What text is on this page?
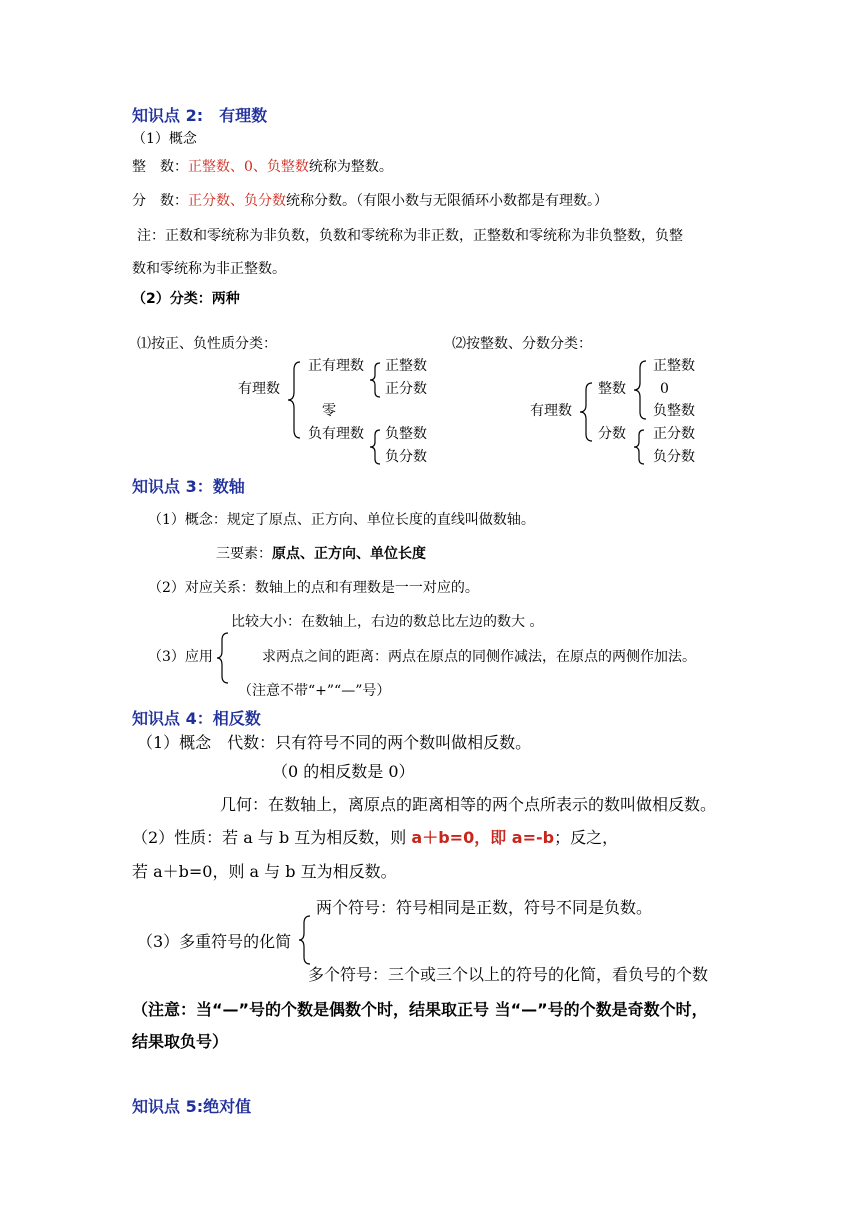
知识点 2:　有理数
（1）概念
整　数：正整数、0、负整数统称为整数。
分　数：正分数、负分数统称分数。（有限小数与无限循环小数都是有理数。）
注：正数和零统称为非负数，负数和零统称为非正数，正整数和零统称为非负整数，负整
数和零统称为非正整数。
（2）分类：两种
⑴按正、负性质分类：
有理数
正有理数 正整数
正分数
零
负有理数 负整数
负分数
⑵按整数、分数分类：
有理数
整数
正整数
0
负整数
分数 正分数
负分数
知识点 3：数轴
（1）概念：规定了原点、正方向、单位长度的直线叫做数轴。
三要素：原点、正方向、单位长度
（2）对应关系：数轴上的点和有理数是一一对应的。
比较大小：在数轴上，右边的数总比左边的数大 。
（3）应用	求两点之间的距离：两点在原点的同侧作减法，在原点的两侧作加法。
（注意不带“+”“—”号）
知识点 4：相反数
（1）概念　代数：只有符号不同的两个数叫做相反数。
（0 的相反数是 0）
几何：在数轴上，离原点的距离相等的两个点所表示的数叫做相反数。
（2）性质：若 a 与 b 互为相反数，则 a＋b=0，即 a=-b；反之，
若 a＋b=0，则 a 与 b 互为相反数。
两个符号：符号相同是正数，符号不同是负数。
（3）多重符号的化简
多个符号：三个或三个以上的符号的化简，看负号的个数
（注意：当“—”号的个数是偶数个时，结果取正号 当“—”号的个数是奇数个时，
结果取负号）
知识点 5:绝对值
